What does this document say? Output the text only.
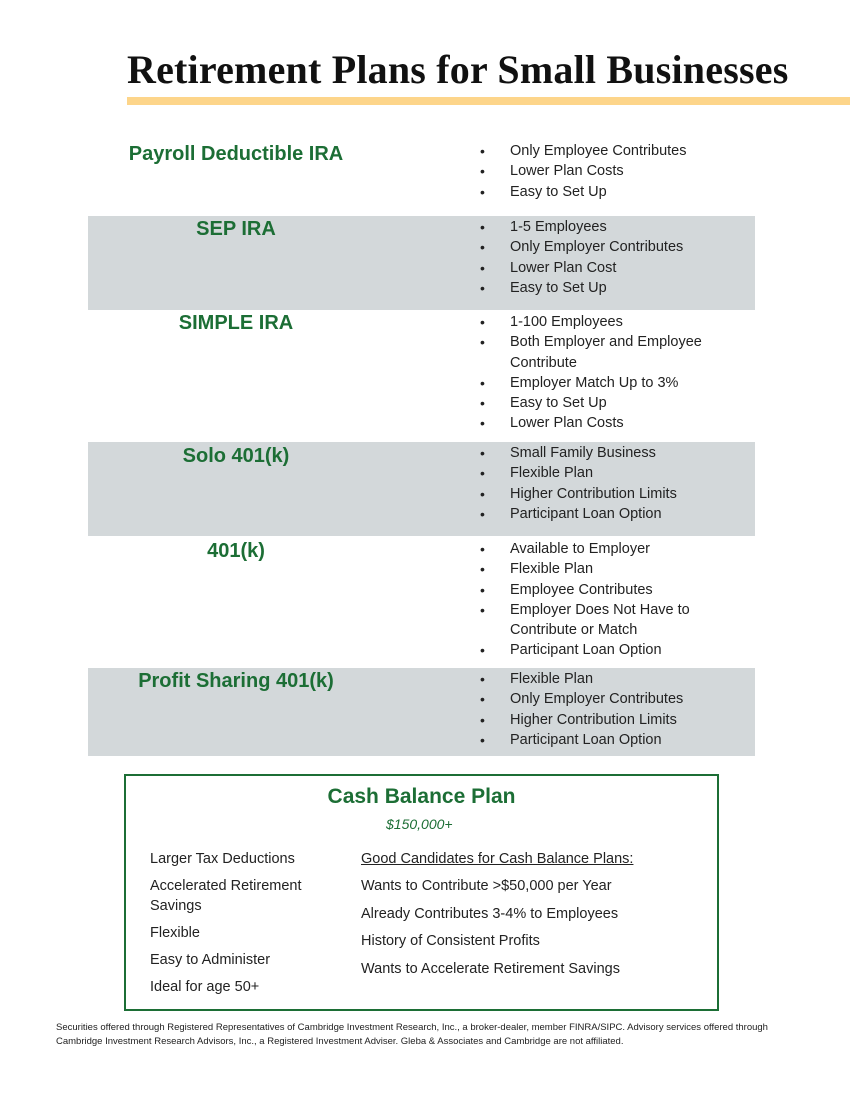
Retirement Plans for Small Businesses
Payroll Deductible IRA	• Only Employee Contributes
• Lower Plan Costs
• Easy to Set Up
SEP IRA	• 1-5 Employees
• Only Employer Contributes
• Lower Plan Cost
• Easy to Set Up
SIMPLE IRA	• 1-100 Employees
• Both Employer and Employee Contribute
• Employer Match Up to 3%
• Easy to Set Up
• Lower Plan Costs
Solo 401(k)	• Small Family Business
• Flexible Plan
• Higher Contribution Limits
• Participant Loan Option
401(k)	• Available to Employer
• Flexible Plan
• Employee Contributes
• Employer Does Not Have to Contribute or Match
• Participant Loan Option
Profit Sharing 401(k)	• Flexible Plan
• Only Employer Contributes
• Higher Contribution Limits
• Participant Loan Option
Cash Balance Plan
$150,000+
Larger Tax Deductions
Accelerated Retirement Savings
Flexible
Easy to Administer
Ideal for age 50+
Good Candidates for Cash Balance Plans:
Wants to Contribute >$50,000 per Year
Already Contributes 3-4% to Employees
History of Consistent Profits
Wants to Accelerate Retirement Savings
Securities offered through Registered Representatives of Cambridge Investment Research, Inc., a broker-dealer, member FINRA/SIPC. Advisory services offered through Cambridge Investment Research Advisors, Inc., a Registered Investment Adviser. Gleba & Associates and Cambridge are not affiliated.
